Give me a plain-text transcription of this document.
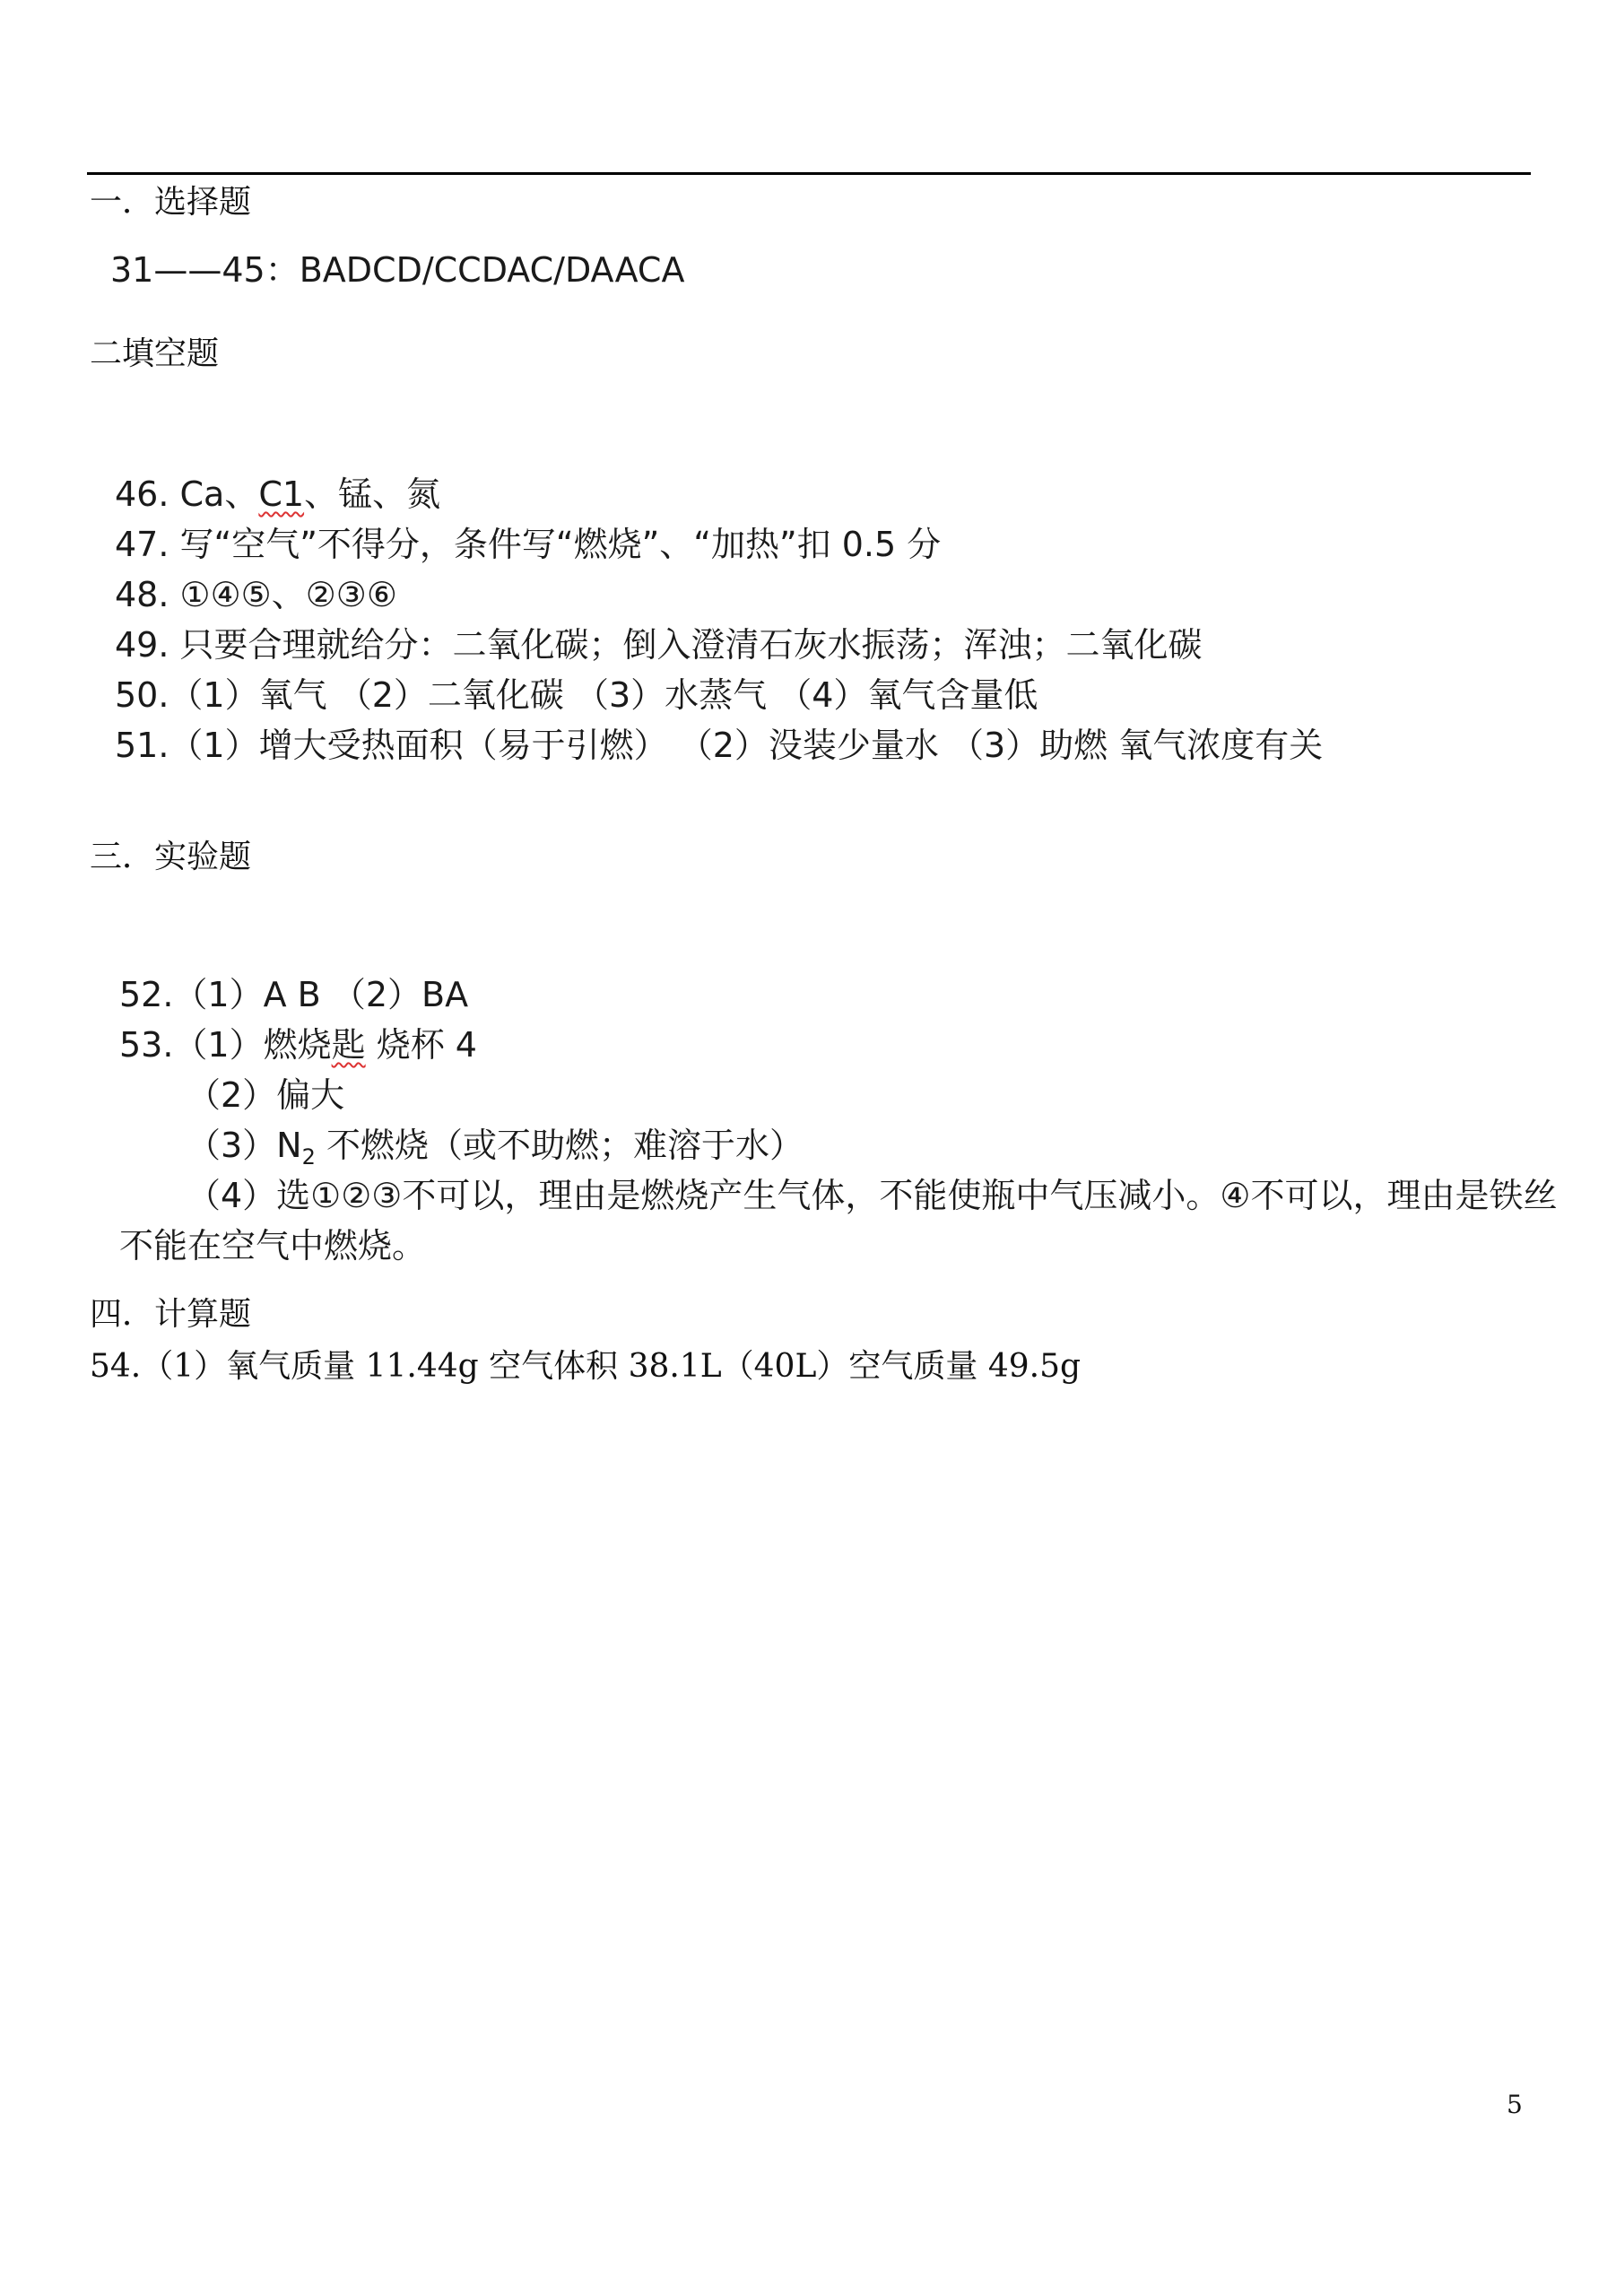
一．选择题
31——45：BADCD/CCDAC/DAACA
二填空题
46. Ca、C1、锰、氮
47. 写“空气”不得分，条件写“燃烧”、“加热”扣 0.5 分
48. ①④⑤、②③⑥
49. 只要合理就给分：二氧化碳；倒入澄清石灰水振荡；浑浊；二氧化碳
50.（1）氧气 （2）二氧化碳 （3）水蒸气 （4）氧气含量低
51.（1）增大受热面积（易于引燃） （2）没装少量水 （3）助燃 氧气浓度有关
三．实验题
52.（1）A B （2）BA
53.（1）燃烧匙 烧杯 4
（2）偏大
$(3)N_2$ 不燃烧（或不助燃；难溶于水）
（4）选①②③不可以，理由是燃烧产生气体，不能使瓶中气压减小。④不可以，理由是铁丝
不能在空气中燃烧。
四．计算题
54.（1）氧气质量 11.44g 空气体积 38.1L（40L）空气质量 49.5g
5
